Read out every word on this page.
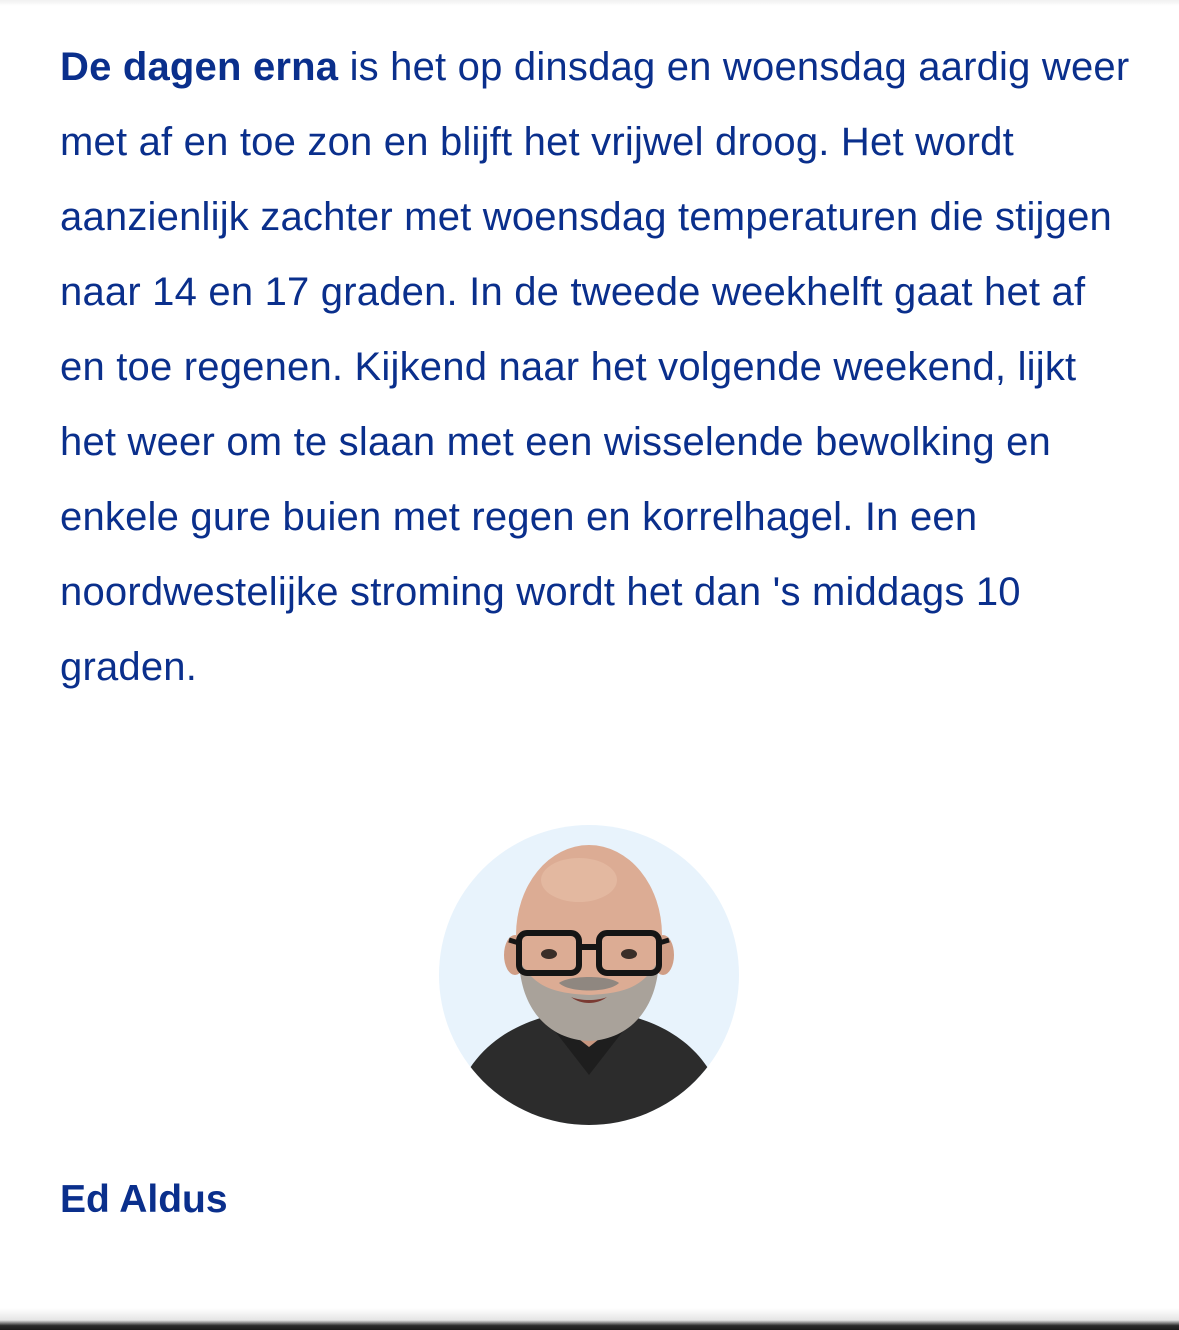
De dagen erna is het op dinsdag en woensdag aardig weer met af en toe zon en blijft het vrijwel droog. Het wordt aanzienlijk zachter met woensdag temperaturen die stijgen naar 14 en 17 graden. In de tweede weekhelft gaat het af en toe regenen. Kijkend naar het volgende weekend, lijkt het weer om te slaan met een wisselende bewolking en enkele gure buien met regen en korrelhagel. In een noordwestelijke stroming wordt het dan 's middags 10 graden.

Ed Aldus
